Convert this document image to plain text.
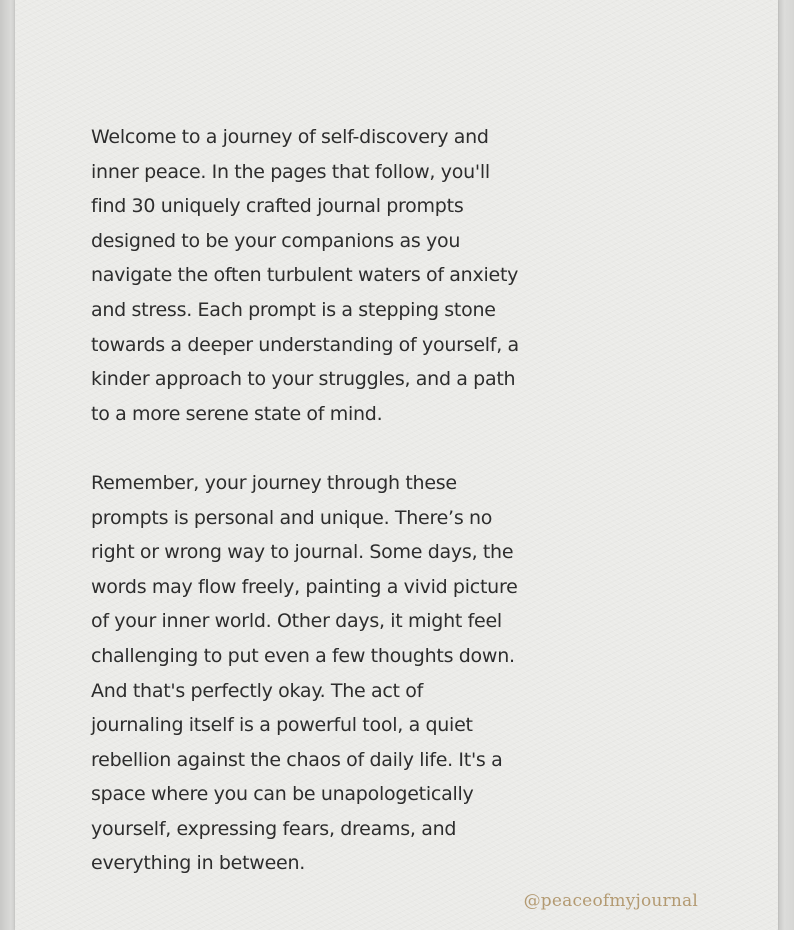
Welcome to a journey of self-discovery and

inner peace. In the pages that follow, you'll

find 30 uniquely crafted journal prompts

designed to be your companions as you

navigate the often turbulent waters of anxiety

and stress. Each prompt is a stepping stone

towards a deeper understanding of yourself, a

kinder approach to your struggles, and a path

to a more serene state of mind.

Remember, your journey through these

prompts is personal and unique. There’s no

right or wrong way to journal. Some days, the

words may flow freely, painting a vivid picture

of your inner world. Other days, it might feel

challenging to put even a few thoughts down.

And that's perfectly okay. The act of

journaling itself is a powerful tool, a quiet

rebellion against the chaos of daily life. It's a

space where you can be unapologetically

yourself, expressing fears, dreams, and

everything in between.

@peaceofmyjournal
